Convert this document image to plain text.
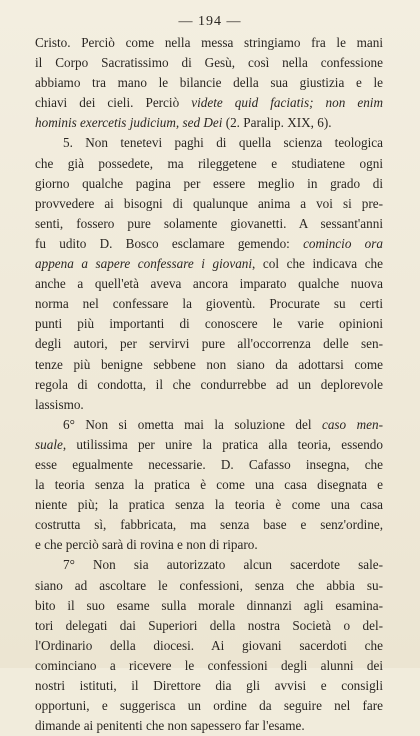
— 194 —
Cristo. Perciò come nella messa stringiamo fra le mani
il Corpo Sacratissimo di Gesù, così nella confessione
abbiamo tra mano le bilancie della sua giustizia e le
chiavi dei cieli. Perciò videte quid faciatis; non enim
hominis exercetis judicium, sed Dei (2. Paralip. XIX, 6).
5. Non tenetevi paghi di quella scienza teologica
che già possedete, ma rileggetene e studiatene ogni
giorno qualche pagina per essere meglio in grado di
provvedere ai bisogni di qualunque anima a voi si pre-
senti, fossero pure solamente giovanetti. A sessant'anni
fu udito D. Bosco esclamare gemendo: comincio ora
appena a sapere confessare i giovani, col che indicava che
anche a quell'età aveva ancora imparato qualche nuova
norma nel confessare la gioventù. Procurate su certi
punti più importanti di conoscere le varie opinioni
degli autori, per servirvi pure all'occorrenza delle sen-
tenze più benigne sebbene non siano da adottarsi come
regola di condotta, il che condurrebbe ad un deplorevole
lassismo.
6° Non si ometta mai la soluzione del caso men-
suale, utilissima per unire la pratica alla teoria, essendo
esse egualmente necessarie. D. Cafasso insegna, che
la teoria senza la pratica è come una casa disegnata e
niente più; la pratica senza la teoria è come una casa
costrutta sì, fabbricata, ma senza base e senz'ordine,
e che perciò sarà di rovina e non di riparo.
7° Non sia autorizzato alcun sacerdote sale-
siano ad ascoltare le confessioni, senza che abbia su-
bito il suo esame sulla morale dinnanzi agli esamina-
tori delegati dai Superiori della nostra Società o del-
l'Ordinario della diocesi. Ai giovani sacerdoti che
cominciano a ricevere le confessioni degli alunni dei
nostri istituti, il Direttore dia gli avvisi e consigli
opportuni, e suggerisca un ordine da seguire nel fare
dimande ai penitenti che non sapessero far l'esame.
